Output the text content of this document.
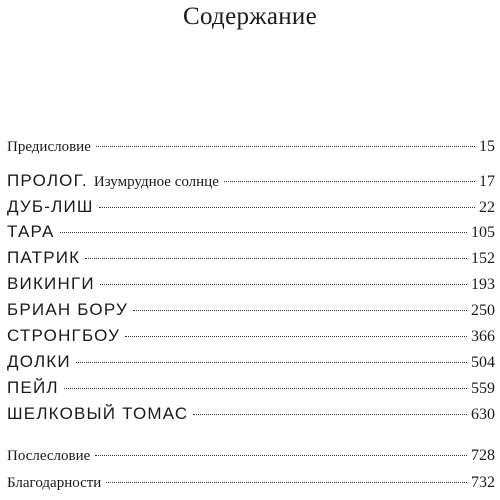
Содержание
Предисловие	15
ПРОЛОГ. Изумрудное солнце	17
ДУБ-ЛИШ	22
ТАРА	105
ПАТРИК	152
ВИКИНГИ	193
БРИАН БОРУ	250
СТРОНГБОУ	366
ДОЛКИ	504
ПЕЙЛ	559
ШЕЛКОВЫЙ ТОМАС	630
Послесловие	728
Благодарности	732
